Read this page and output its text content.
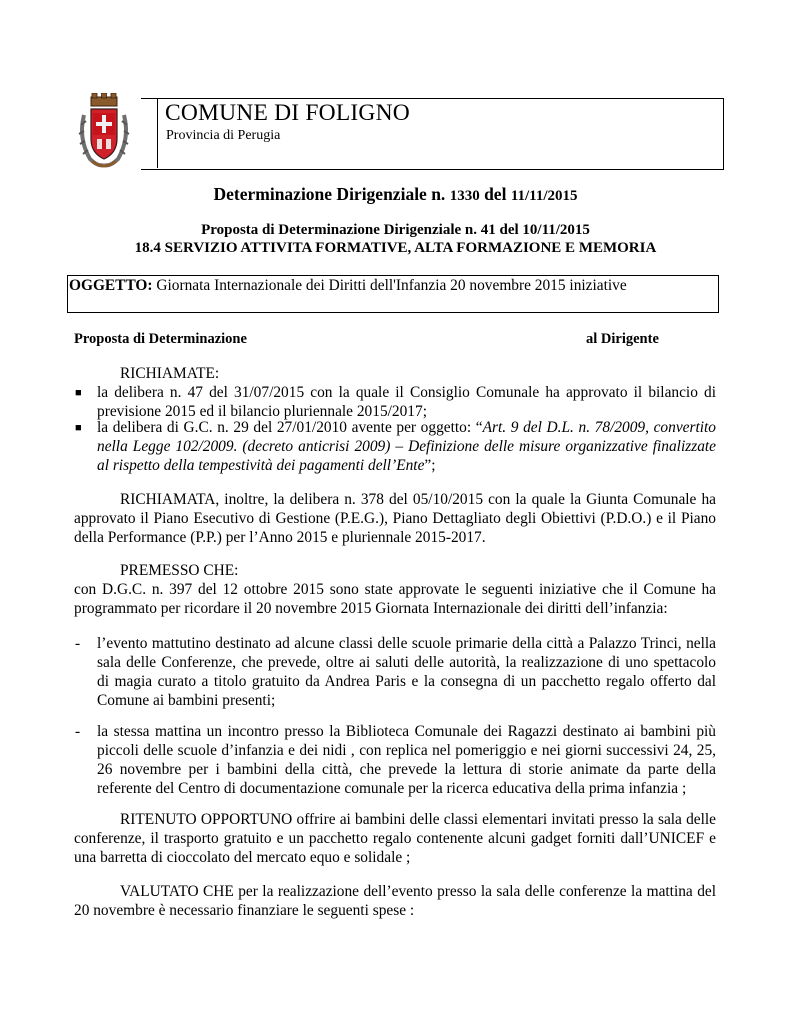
COMUNE DI FOLIGNO
Provincia di Perugia
Determinazione Dirigenziale n. 1330 del 11/11/2015
Proposta di Determinazione Dirigenziale n. 41 del 10/11/2015
18.4 SERVIZIO ATTIVITA FORMATIVE, ALTA FORMAZIONE E MEMORIA
OGGETTO: Giornata Internazionale dei Diritti dell'Infanzia 20 novembre 2015 iniziative
Proposta di Determinazione	al Dirigente
RICHIAMATE:
■ la delibera n. 47 del 31/07/2015 con la quale il Consiglio Comunale ha approvato il bilancio di
previsione 2015 ed il bilancio pluriennale 2015/2017;
■ la delibera di G.C. n. 29 del 27/01/2010 avente per oggetto: “Art. 9 del D.L. n. 78/2009, convertito
nella Legge 102/2009. (decreto anticrisi 2009) – Definizione delle misure organizzative finalizzate
al rispetto della tempestività dei pagamenti dell’Ente”;
RICHIAMATA, inoltre, la delibera n. 378 del 05/10/2015 con la quale la Giunta Comunale ha
approvato il Piano Esecutivo di Gestione (P.E.G.), Piano Dettagliato degli Obiettivi (P.D.O.) e il Piano
della Performance (P.P.) per l’Anno 2015 e pluriennale 2015-2017.
PREMESSO CHE:
con D.G.C. n. 397 del 12 ottobre 2015 sono state approvate le seguenti iniziative che il Comune ha
programmato per ricordare il 20 novembre 2015 Giornata Internazionale dei diritti dell’infanzia:
- l’evento mattutino destinato ad alcune classi delle scuole primarie della città a Palazzo Trinci, nella
sala delle Conferenze, che prevede, oltre ai saluti delle autorità, la realizzazione di uno spettacolo
di magia curato a titolo gratuito da Andrea Paris e la consegna di un pacchetto regalo offerto dal
Comune ai bambini presenti;
- la stessa mattina un incontro presso la Biblioteca Comunale dei Ragazzi destinato ai bambini più
piccoli delle scuole d’infanzia e dei nidi , con replica nel pomeriggio e nei giorni successivi 24, 25,
26 novembre per i bambini della città, che prevede la lettura di storie animate da parte della
referente del Centro di documentazione comunale per la ricerca educativa della prima infanzia ;
RITENUTO OPPORTUNO offrire ai bambini delle classi elementari invitati presso la sala delle
conferenze, il trasporto gratuito e un pacchetto regalo contenente alcuni gadget forniti dall’UNICEF e
una barretta di cioccolato del mercato equo e solidale ;
VALUTATO CHE per la realizzazione dell’evento presso la sala delle conferenze la mattina del
20 novembre è necessario finanziare le seguenti spese :
